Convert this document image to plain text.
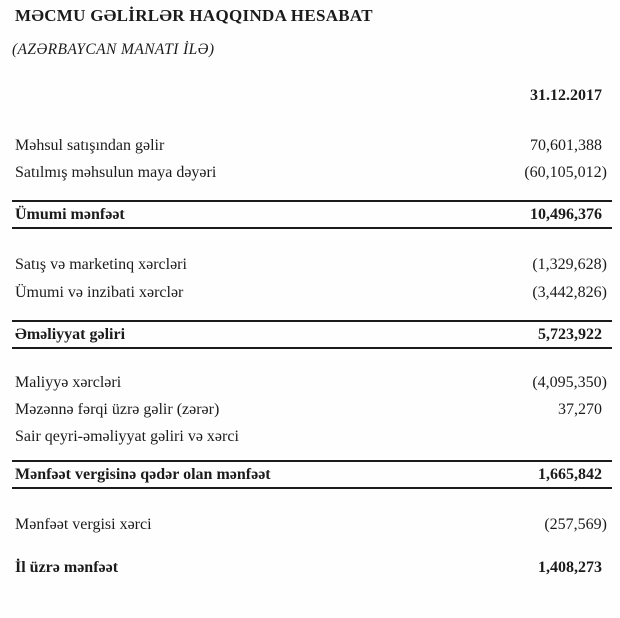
MƏCMU GƏLİRLƏR HAQQINDA HESABAT
(AZƏRBAYCAN MANATI İLƏ)
31.12.2017
Məhsul satışından gəlir	70,601,388
Satılmış məhsulun maya dəyəri	(60,105,012)
Ümumi mənfəət	10,496,376
Satış və marketinq xərcləri	(1,329,628)
Ümumi və inzibati xərclər	(3,442,826)
Əməliyyat gəliri	5,723,922
Maliyyə xərcləri	(4,095,350)
Məzənnə fərqi üzrə gəlir (zərər)	37,270
Sair qeyri-əməliyyat gəliri və xərci
Mənfəət vergisinə qədər olan mənfəət	1,665,842
Mənfəət vergisi xərci	(257,569)
İl üzrə mənfəət	1,408,273
